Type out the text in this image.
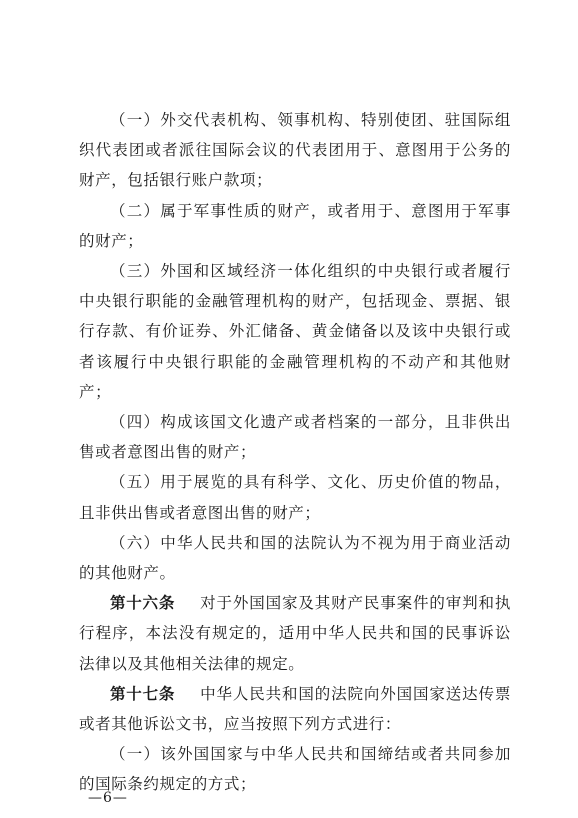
（一）外交代表机构、领事机构、特别使团、驻国际组织代表团或者派往国际会议的代表团用于、意图用于公务的财产，包括银行账户款项；

（二）属于军事性质的财产，或者用于、意图用于军事的财产；

（三）外国和区域经济一体化组织的中央银行或者履行中央银行职能的金融管理机构的财产，包括现金、票据、银行存款、有价证券、外汇储备、黄金储备以及该中央银行或者该履行中央银行职能的金融管理机构的不动产和其他财产；

（四）构成该国文化遗产或者档案的一部分，且非供出售或者意图出售的财产；

（五）用于展览的具有科学、文化、历史价值的物品，且非供出售或者意图出售的财产；

（六）中华人民共和国的法院认为不视为用于商业活动的其他财产。

第十六条 对于外国国家及其财产民事案件的审判和执行程序，本法没有规定的，适用中华人民共和国的民事诉讼法律以及其他相关法律的规定。

第十七条 中华人民共和国的法院向外国国家送达传票或者其他诉讼文书，应当按照下列方式进行：

（一）该外国国家与中华人民共和国缔结或者共同参加的国际条约规定的方式；

—6—
